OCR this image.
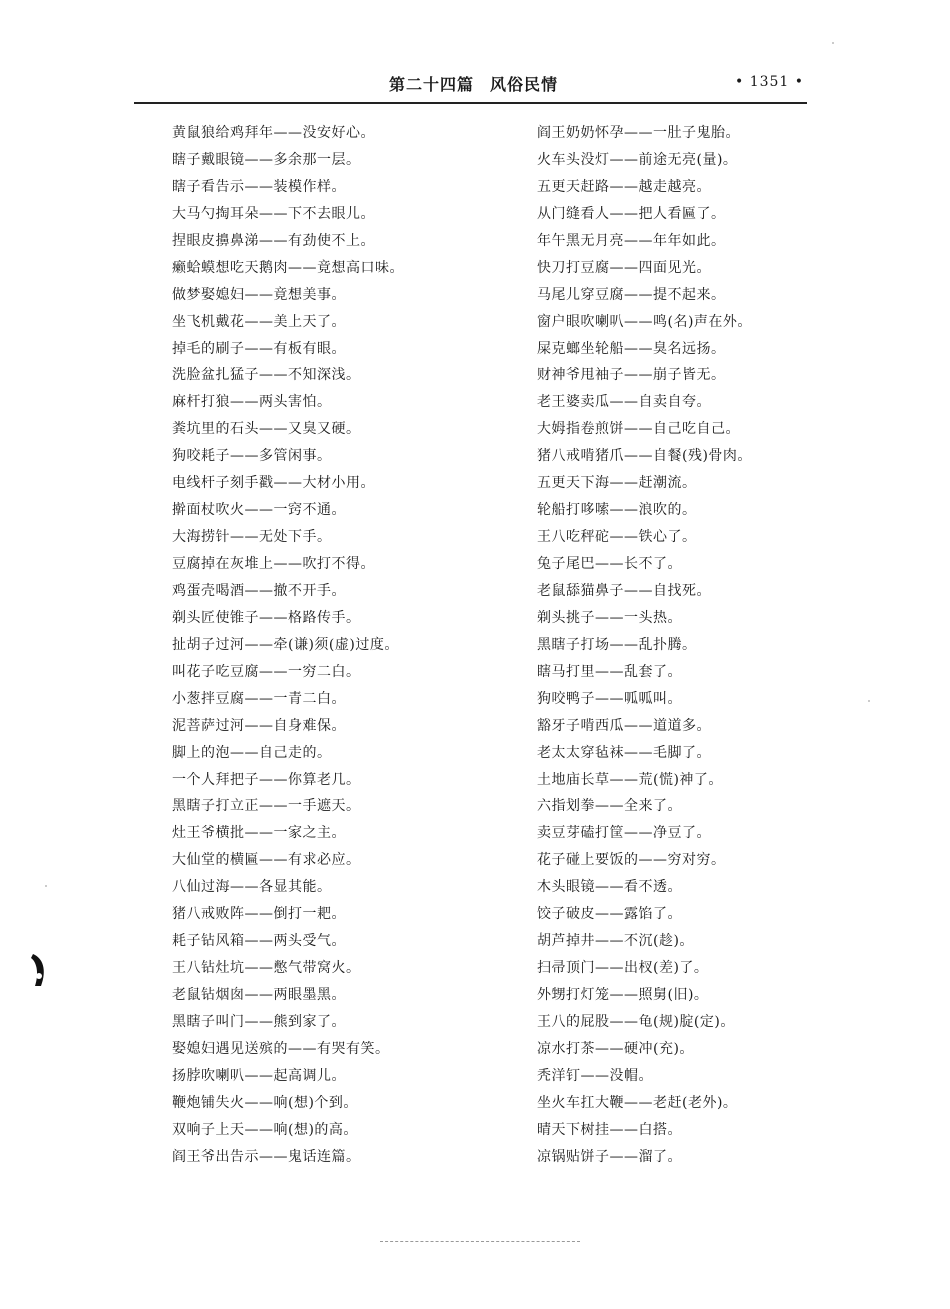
第二十四篇 风俗民情	• 1351 •
黄鼠狼给鸡拜年——没安好心。
瞎子戴眼镜——多余那一层。
瞎子看告示——装模作样。
大马勺掏耳朵——下不去眼儿。
捏眼皮擤鼻涕——有劲使不上。
癞蛤蟆想吃天鹅肉——竟想高口味。
做梦娶媳妇——竟想美事。
坐飞机戴花——美上天了。
掉毛的刷子——有板有眼。
洗脸盆扎猛子——不知深浅。
麻杆打狼——两头害怕。
粪坑里的石头——又臭又硬。
狗咬耗子——多管闲事。
电线杆子刻手戳——大材小用。
擀面杖吹火——一窍不通。
大海捞针——无处下手。
豆腐掉在灰堆上——吹打不得。
鸡蛋壳喝酒——撤不开手。
剃头匠使锥子——格路传手。
扯胡子过河——牵(谦)须(虚)过度。
叫花子吃豆腐——一穷二白。
小葱拌豆腐——一青二白。
泥菩萨过河——自身难保。
脚上的泡——自己走的。
一个人拜把子——你算老几。
黑瞎子打立正——一手遮天。
灶王爷横批——一家之主。
大仙堂的横匾——有求必应。
八仙过海——各显其能。
猪八戒败阵——倒打一耙。
耗子钻风箱——两头受气。
王八钻灶坑——憋气带窝火。
老鼠钻烟囱——两眼墨黑。
黑瞎子叫门——熊到家了。
娶媳妇遇见送殡的——有哭有笑。
扬脖吹喇叭——起高调儿。
鞭炮铺失火——响(想)个到。
双响子上天——响(想)的高。
阎王爷出告示——鬼话连篇。
阎王奶奶怀孕——一肚子鬼胎。
火车头没灯——前途无亮(量)。
五更天赶路——越走越亮。
从门缝看人——把人看匾了。
年午黑无月亮——年年如此。
快刀打豆腐——四面见光。
马尾儿穿豆腐——提不起来。
窗户眼吹喇叭——鸣(名)声在外。
屎克螂坐轮船——臭名远扬。
财神爷甩袖子——崩子皆无。
老王婆卖瓜——自卖自夸。
大姆指卷煎饼——自己吃自己。
猪八戒啃猪爪——自餐(残)骨肉。
五更天下海——赶潮流。
轮船打哆嗦——浪吹的。
王八吃秤砣——铁心了。
兔子尾巴——长不了。
老鼠舔猫鼻子——自找死。
剃头挑子——一头热。
黑瞎子打场——乱扑腾。
瞎马打里——乱套了。
狗咬鸭子——呱呱叫。
豁牙子啃西瓜——道道多。
老太太穿毡袜——毛脚了。
土地庙长草——荒(慌)神了。
六指划拳——全来了。
卖豆芽磕打筐——净豆了。
花子碰上要饭的——穷对穷。
木头眼镜——看不透。
饺子破皮——露馅了。
胡芦掉井——不沉(趁)。
扫帚顶门——出杈(差)了。
外甥打灯笼——照舅(旧)。
王八的屁股——龟(规)腚(定)。
凉水打茶——硬冲(充)。
秃洋钉——没帽。
坐火车扛大鞭——老赶(老外)。
晴天下树挂——白搭。
凉锅贴饼子——溜了。
